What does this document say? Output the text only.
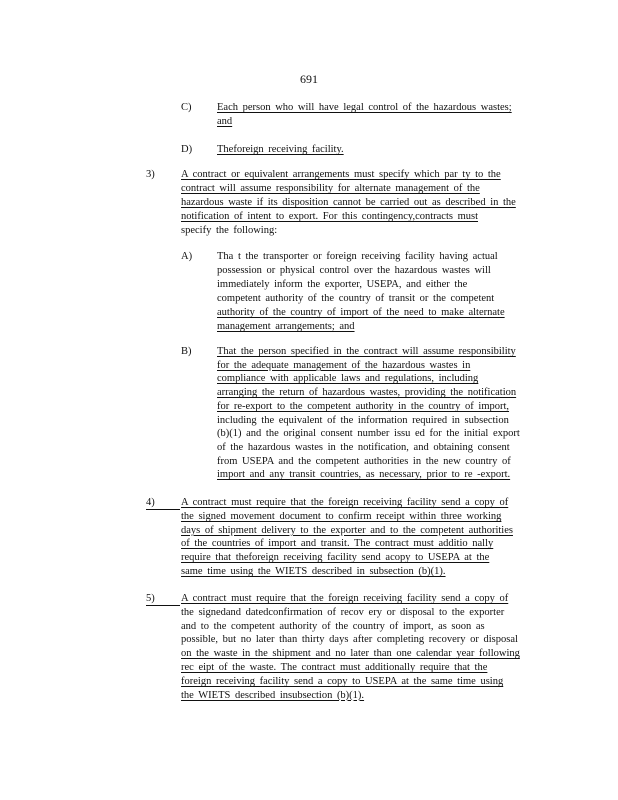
691
C) Each person who will have legal control of the hazardous wastes;
and
D) Theforeign receiving facility.
3)	A contract or equivalent arrangements must specify which par ty to the
contract will assume responsibility for alternate management of the
hazardous waste if its disposition cannot be carried out as described in the
notification of intent to export. For this contingency,contracts must
specify the following:
A) Tha t the transporter or foreign receiving facility having actual
possession or physical control over the hazardous wastes will
immediately inform the exporter, USEPA, and either the
competent authority of the country of transit or the competent
authority of the country of import of the need to make alternate
management arrangements; and
B) That the person specified in the contract will assume responsibility
for the adequate management of the hazardous wastes in
compliance with applicable laws and regulations, including
arranging the return of hazardous wastes, providing the notification
for re-export to the competent authority in the country of import,
including the equivalent of the information required in subsection
(b)(1) and the original consent number issu ed for the initial export
of the hazardous wastes in the notification, and obtaining consent
from USEPA and the competent authorities in the new country of
import and any transit countries, as necessary, prior to re -export.
4)	A contract must require that the foreign receiving facility send a copy of
the signed movement document to confirm receipt within three working
days of shipment delivery to the exporter and to the competent authorities
of the countries of import and transit. The contract must additio nally
require that theforeign receiving facility send acopy to USEPA at the
same time using the WIETS described in subsection (b)(1).
5)	A contract must require that the foreign receiving facility send a copy of
the signedand datedconfirmation of recov ery or disposal to the exporter
and to the competent authority of the country of import, as soon as
possible, but no later than thirty days after completing recovery or disposal
on the waste in the shipment and no later than one calendar year following
rec eipt of the waste. The contract must additionally require that the
foreign receiving facility send a copy to USEPA at the same time using
the WIETS described insubsection (b)(1).
